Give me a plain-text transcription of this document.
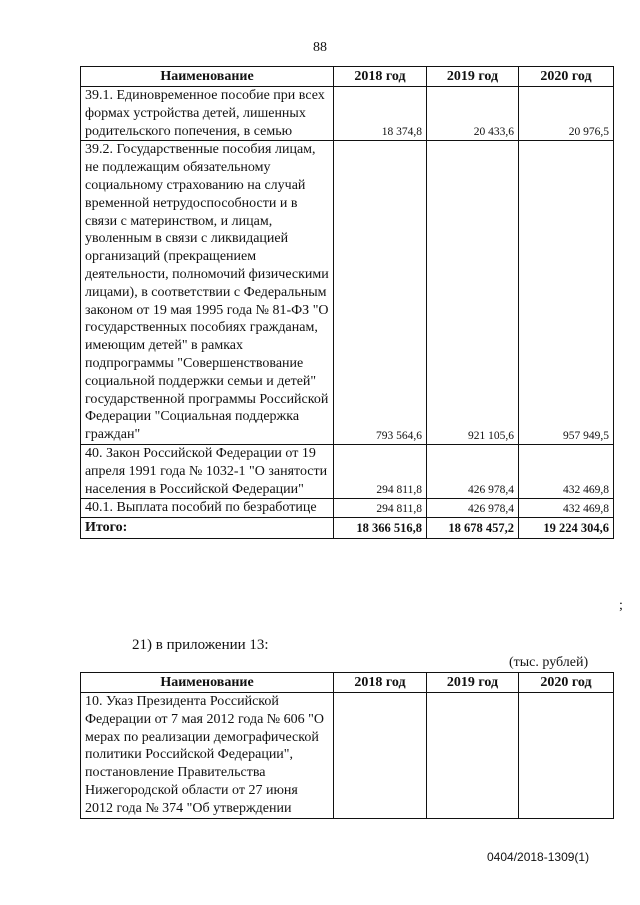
88
Наименование	2018 год	2019 год	2020 год
39.1. Единовременное пособие при всех формах устройства детей, лишенных родительского попечения, в семью	18 374,8	20 433,6	20 976,5
39.2. Государственные пособия лицам, не подлежащим обязательному социальному страхованию на случай временной нетрудоспособности и в связи с материнством, и лицам, уволенным в связи с ликвидацией организаций (прекращением деятельности, полномочий физическими лицами), в соответствии с Федеральным законом от 19 мая 1995 года № 81-ФЗ "О государственных пособиях гражданам, имеющим детей" в рамках подпрограммы "Совершенствование социальной поддержки семьи и детей" государственной программы Российской Федерации "Социальная поддержка граждан"	793 564,6	921 105,6	957 949,5
40. Закон Российской Федерации от 19 апреля 1991 года № 1032-1 "О занятости населения в Российской Федерации"	294 811,8	426 978,4	432 469,8
40.1. Выплата пособий по безработице	294 811,8	426 978,4	432 469,8
Итого:	18 366 516,8	18 678 457,2	19 224 304,6
;
21) в приложении 13:
(тыс. рублей)
Наименование	2018 год	2019 год	2020 год
10. Указ Президента Российской Федерации от 7 мая 2012 года № 606 "О мерах по реализации демографической политики Российской Федерации", постановление Правительства Нижегородской области от 27 июня 2012 года № 374 "Об утверждении			
0404/2018-1309(1)
